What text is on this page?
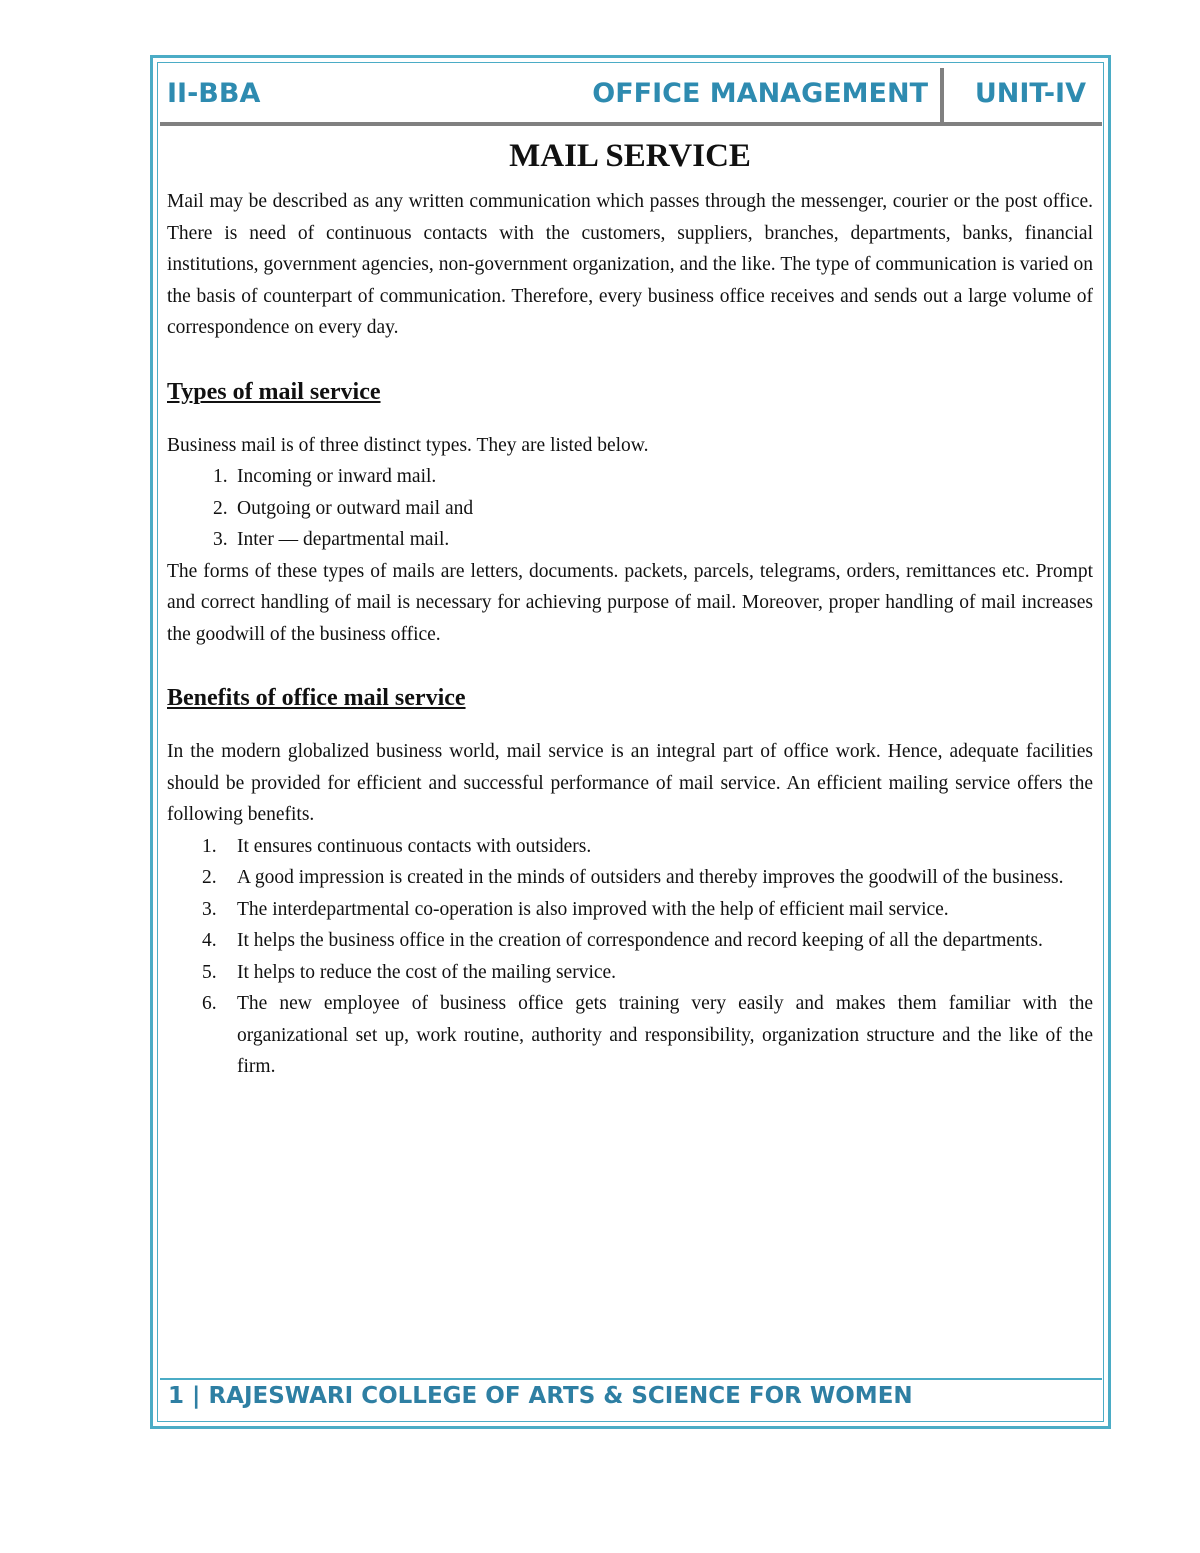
II-BBA	OFFICE MANAGEMENT UNIT-IV
MAIL SERVICE

Mail may be described as any written communication which passes through the messenger, courier or the post office. There is need of continuous contacts with the customers, suppliers, branches, departments, banks, financial institutions, government agencies, non-government organization, and the like. The type of communication is varied on the basis of counterpart of communication. Therefore, every business office receives and sends out a large volume of correspondence on every day.

Types of mail service

Business mail is of three distinct types. They are listed below.

1. Incoming or inward mail.
2. Outgoing or outward mail and
3. Inter — departmental mail.

The forms of these types of mails are letters, documents. packets, parcels, telegrams, orders, remittances etc. Prompt and correct handling of mail is necessary for achieving purpose of mail. Moreover, proper handling of mail increases the goodwill of the business office.

Benefits of office mail service

In the modern globalized business world, mail service is an integral part of office work. Hence, adequate facilities should be provided for efficient and successful performance of mail service. An efficient mailing service offers the following benefits.

1. It ensures continuous contacts with outsiders.
2. A good impression is created in the minds of outsiders and thereby improves the goodwill of the business.
3. The interdepartmental co-operation is also improved with the help of efficient mail service.
4. It helps the business office in the creation of correspondence and record keeping of all the departments.
5. It helps to reduce the cost of the mailing service.
6. The new employee of business office gets training very easily and makes them familiar with the organizational set up, work routine, authority and responsibility, organization structure and the like of the firm.
1 | RAJESWARI COLLEGE OF ARTS & SCIENCE FOR WOMEN
